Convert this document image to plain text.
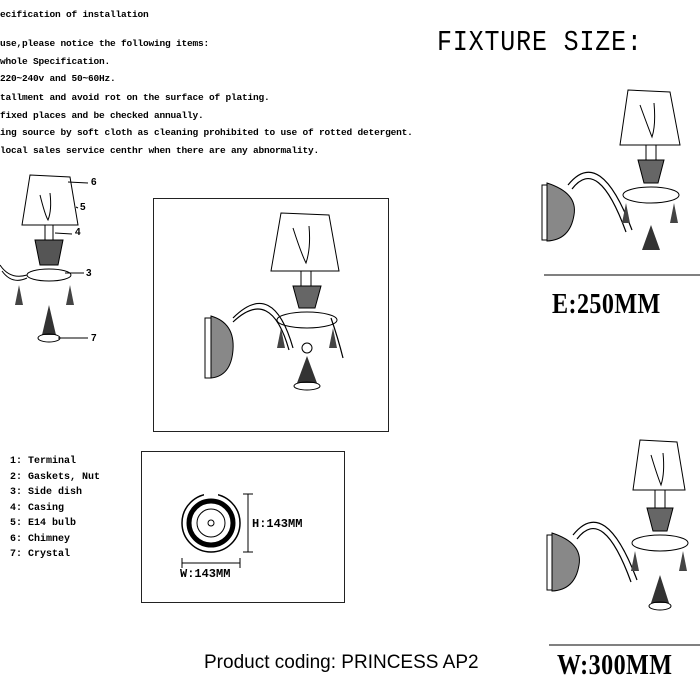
ecification of installation
use,please notice the following items:
whole Specification.
220~240v and 50~60Hz.
tallment and avoid rot on the surface of plating.
fixed places and be checked annually.
ing source by soft cloth as cleaning prohibited to use of rotted detergent.
local sales service centhr when there are any abnormality.
FIXTURE SIZE:
6
5
4
3
7
E:250MM
H:143MM
W:143MM
1: Terminal
2: Gaskets, Nut
3: Side dish
4: Casing
5: E14 bulb
6: Chimney
7: Crystal
W:300MM
Product coding: PRINCESS AP2
